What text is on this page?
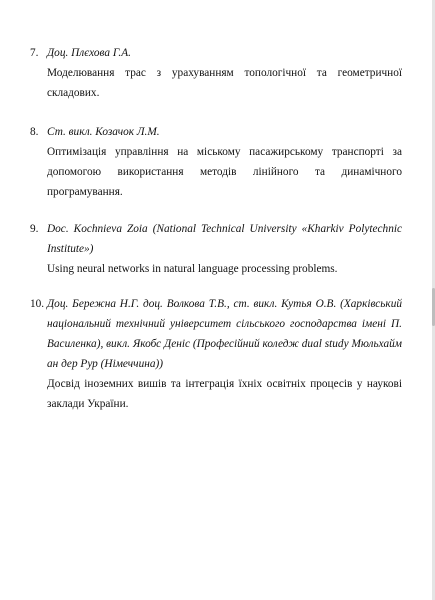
7. Доц. Плєхова Г.А.
Моделювання трас з урахуванням топологічної та геометричної складових.
8. Ст. викл. Козачок Л.М.
Оптимізація управління на міському пасажирському транспорті за допомогою використання методів лінійного та динамічного програмування.
9. Doc. Kochnieva Zoia (National Technical University «Kharkiv Polytechnic Institute»)
Using neural networks in natural language processing problems.
10. Доц. Бережна Н.Г. доц. Волкова Т.В., ст. викл. Кутья О.В. (Харківський національний технічний університет сільського господарства імені П. Василенка), викл. Якобс Деніс (Професійний коледж dual study Мюльхайм ан дер Рур (Німеччина))
Досвід іноземних вишів та інтеграція їхніх освітніх процесів у наукові заклади України.
